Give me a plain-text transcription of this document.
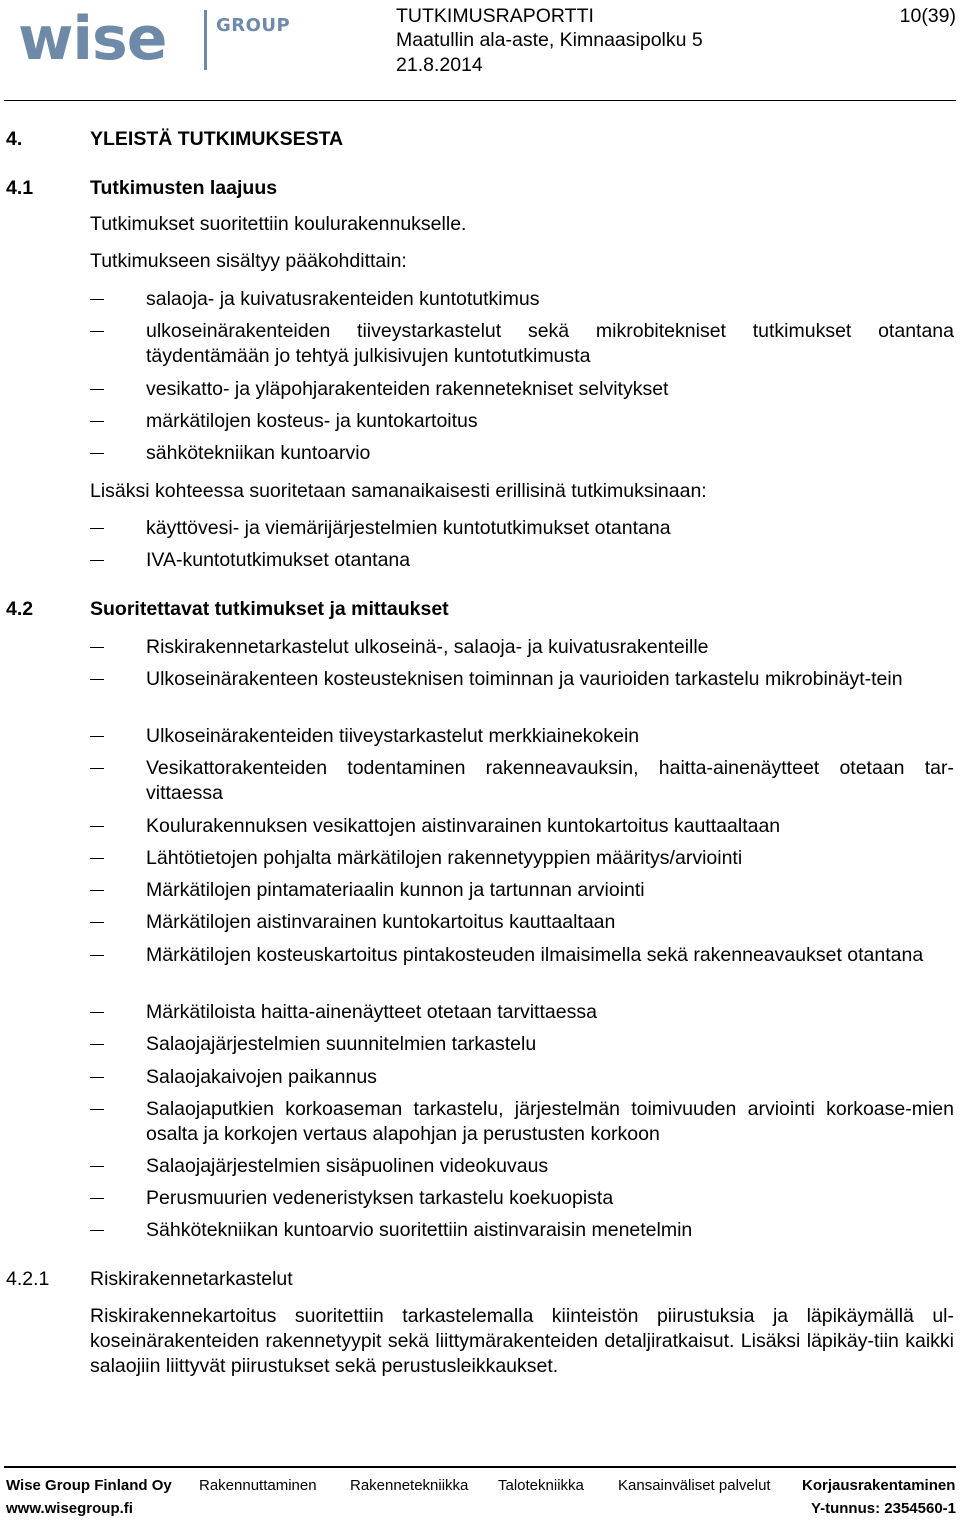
wise	GROUP	TUTKIMUSRAPORTTI
Maatullin ala-aste, Kimnaasipolku 5
21.8.2014
10(39)
4.	YLEISTÄ TUTKIMUKSESTA
4.1	Tutkimusten laajuus
Tutkimukset suoritettiin koulurakennukselle.
Tutkimukseen sisältyy pääkohdittain:
salaoja- ja kuivatusrakenteiden kuntotutkimus
ulkoseinärakenteiden tiiveystarkastelut sekä mikrobitekniset tutkimukset otantana täydentämään jo tehtyä julkisivujen kuntotutkimusta
vesikatto- ja yläpohjarakenteiden rakennetekniset selvitykset
märkätilojen kosteus- ja kuntokartoitus
sähkötekniikan kuntoarvio
Lisäksi kohteessa suoritetaan samanaikaisesti erillisinä tutkimuksinaan:
käyttövesi- ja viemärijärjestelmien kuntotutkimukset otantana
IVA-kuntotutkimukset otantana
4.2	Suoritettavat tutkimukset ja mittaukset
Riskirakennetarkastelut ulkoseinä-, salaoja- ja kuivatusrakenteille
Ulkoseinärakenteen kosteusteknisen toiminnan ja vaurioiden tarkastelu mikrobinäyt-tein
Ulkoseinärakenteiden tiiveystarkastelut merkkiainekokein
Vesikattorakenteiden todentaminen rakenneavauksin, haitta-ainenäytteet otetaan tar-vittaessa
Koulurakennuksen vesikattojen aistinvarainen kuntokartoitus kauttaaltaan
Lähtötietojen pohjalta märkätilojen rakennetyyppien määritys/arviointi
Märkätilojen pintamateriaalin kunnon ja tartunnan arviointi
Märkätilojen aistinvarainen kuntokartoitus kauttaaltaan
Märkätilojen kosteuskartoitus pintakosteuden ilmaisimella sekä rakenneavaukset otantana
Märkätiloista haitta-ainenäytteet otetaan tarvittaessa
Salaojajärjestelmien suunnitelmien tarkastelu
Salaojakaivojen paikannus
Salaojaputkien korkoaseman tarkastelu, järjestelmän toimivuuden arviointi korkoase-mien osalta ja korkojen vertaus alapohjan ja perustusten korkoon
Salaojajärjestelmien sisäpuolinen videokuvaus
Perusmuurien vedeneristyksen tarkastelu koekuopista
Sähkötekniikan kuntoarvio suoritettiin aistinvaraisin menetelmin
4.2.1 Riskirakennetarkastelut
Riskirakennekartoitus suoritettiin tarkastelemalla kiinteistön piirustuksia ja läpikäymällä ul-koseinärakenteiden rakennetyypit sekä liittymärakenteiden detaljiratkaisut. Lisäksi läpikäy-tiin kaikki salaojiin liittyvät piirustukset sekä perustusleikkaukset.
Wise Group Finland Oy Rakennuttaminen Rakennetekniikka Talotekniikka Kansainväliset palvelut Korjausrakentaminen
www.wisegroup.fi	Y-tunnus: 2354560-1
